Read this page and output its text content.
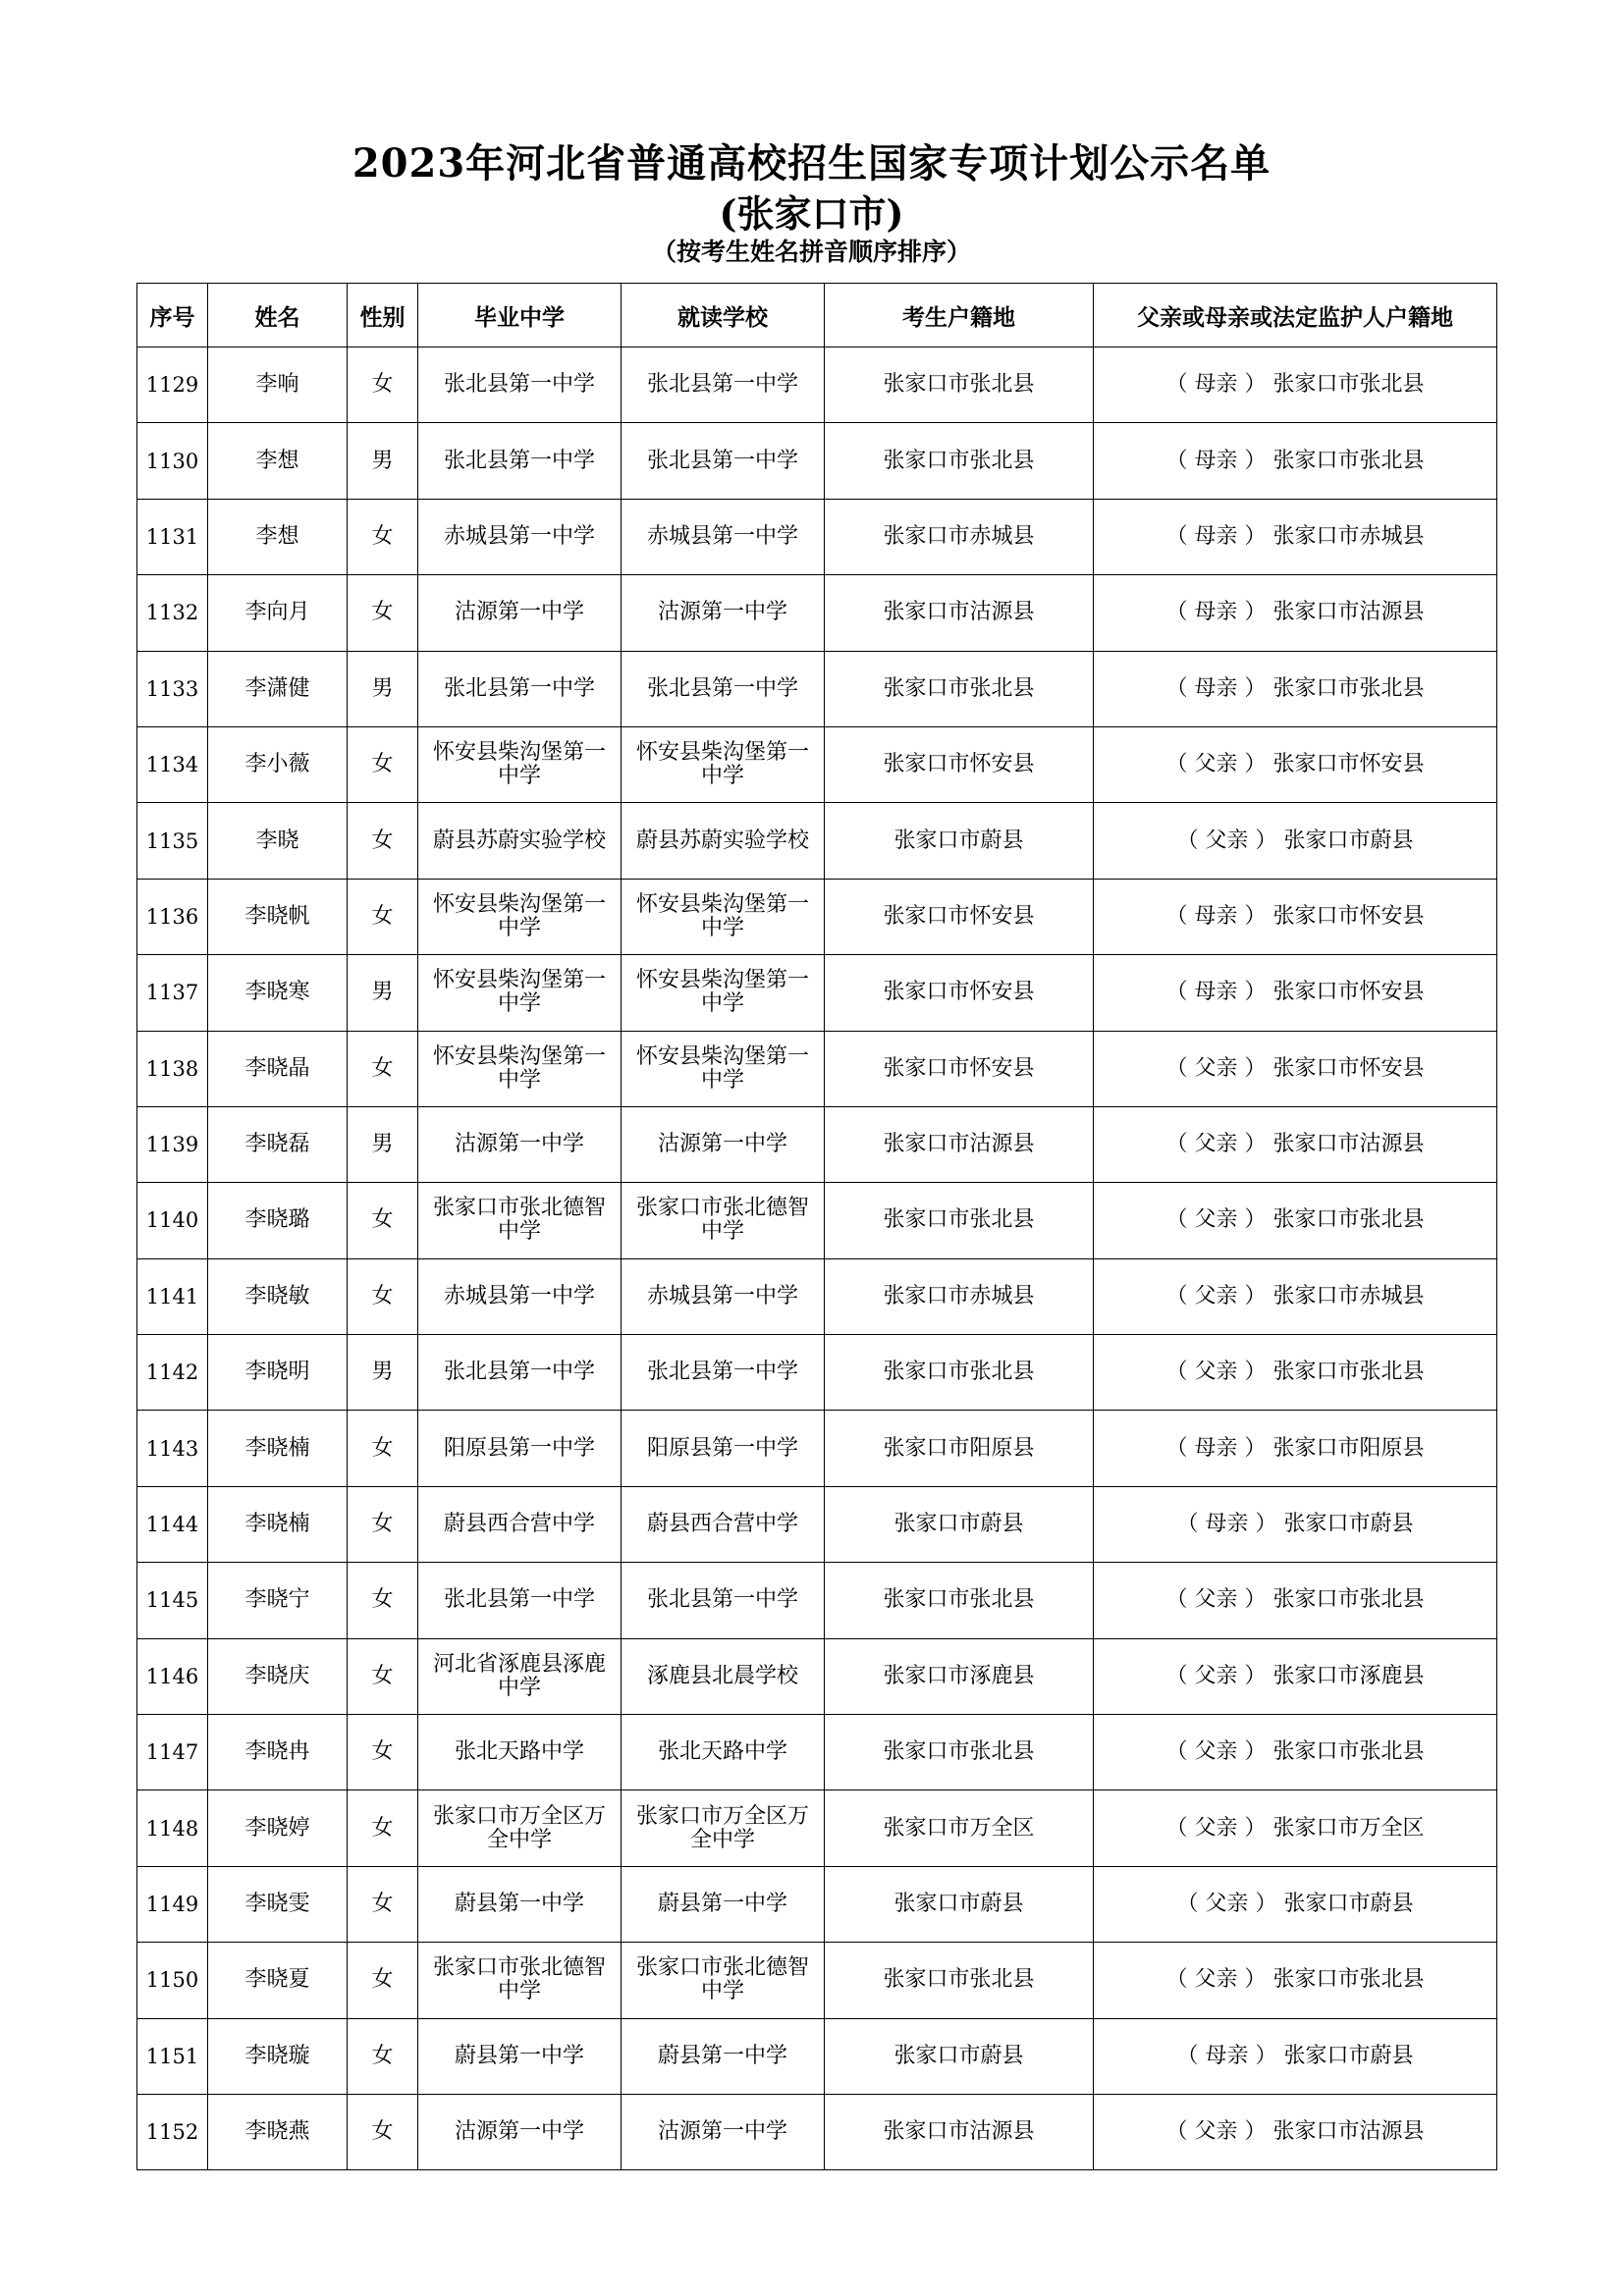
2023年河北省普通高校招生国家专项计划公示名单
(张家口市)
（按考生姓名拼音顺序排序）
序号	姓名	性别	毕业中学	就读学校	考生户籍地	父亲或母亲或法定监护人户籍地
1129	李响	女	张北县第一中学	张北县第一中学	张家口市张北县	（ 母亲 ） 张家口市张北县
1130	李想	男	张北县第一中学	张北县第一中学	张家口市张北县	（ 母亲 ） 张家口市张北县
1131	李想	女	赤城县第一中学	赤城县第一中学	张家口市赤城县	（ 母亲 ） 张家口市赤城县
1132	李向月	女	沽源第一中学	沽源第一中学	张家口市沽源县	（ 母亲 ） 张家口市沽源县
1133	李潇健	男	张北县第一中学	张北县第一中学	张家口市张北县	（ 母亲 ） 张家口市张北县
1134	李小薇	女	怀安县柴沟堡第一中学	怀安县柴沟堡第一中学	张家口市怀安县	（ 父亲 ） 张家口市怀安县
1135	李晓	女	蔚县苏蔚实验学校	蔚县苏蔚实验学校	张家口市蔚县	（ 父亲 ） 张家口市蔚县
1136	李晓帆	女	怀安县柴沟堡第一中学	怀安县柴沟堡第一中学	张家口市怀安县	（ 母亲 ） 张家口市怀安县
1137	李晓寒	男	怀安县柴沟堡第一中学	怀安县柴沟堡第一中学	张家口市怀安县	（ 母亲 ） 张家口市怀安县
1138	李晓晶	女	怀安县柴沟堡第一中学	怀安县柴沟堡第一中学	张家口市怀安县	（ 父亲 ） 张家口市怀安县
1139	李晓磊	男	沽源第一中学	沽源第一中学	张家口市沽源县	（ 父亲 ） 张家口市沽源县
1140	李晓璐	女	张家口市张北德智中学	张家口市张北德智中学	张家口市张北县	（ 父亲 ） 张家口市张北县
1141	李晓敏	女	赤城县第一中学	赤城县第一中学	张家口市赤城县	（ 父亲 ） 张家口市赤城县
1142	李晓明	男	张北县第一中学	张北县第一中学	张家口市张北县	（ 父亲 ） 张家口市张北县
1143	李晓楠	女	阳原县第一中学	阳原县第一中学	张家口市阳原县	（ 母亲 ） 张家口市阳原县
1144	李晓楠	女	蔚县西合营中学	蔚县西合营中学	张家口市蔚县	（ 母亲 ） 张家口市蔚县
1145	李晓宁	女	张北县第一中学	张北县第一中学	张家口市张北县	（ 父亲 ） 张家口市张北县
1146	李晓庆	女	河北省涿鹿县涿鹿中学	涿鹿县北晨学校	张家口市涿鹿县	（ 父亲 ） 张家口市涿鹿县
1147	李晓冉	女	张北天路中学	张北天路中学	张家口市张北县	（ 父亲 ） 张家口市张北县
1148	李晓婷	女	张家口市万全区万全中学	张家口市万全区万全中学	张家口市万全区	（ 父亲 ） 张家口市万全区
1149	李晓雯	女	蔚县第一中学	蔚县第一中学	张家口市蔚县	（ 父亲 ） 张家口市蔚县
1150	李晓夏	女	张家口市张北德智中学	张家口市张北德智中学	张家口市张北县	（ 父亲 ） 张家口市张北县
1151	李晓璇	女	蔚县第一中学	蔚县第一中学	张家口市蔚县	（ 母亲 ） 张家口市蔚县
1152	李晓燕	女	沽源第一中学	沽源第一中学	张家口市沽源县	（ 父亲 ） 张家口市沽源县
